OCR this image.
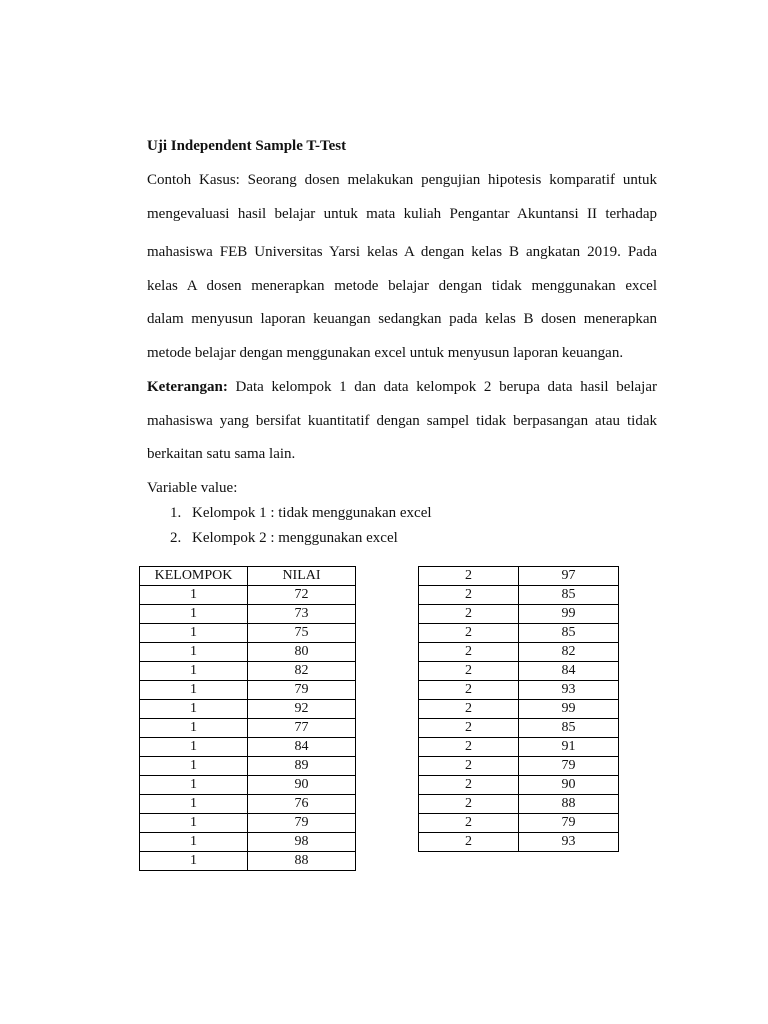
Uji Independent Sample T-Test
Contoh Kasus: Seorang dosen melakukan pengujian hipotesis komparatif untuk
mengevaluasi hasil belajar untuk mata kuliah Pengantar Akuntansi II terhadap
mahasiswa FEB Universitas Yarsi kelas A dengan kelas B angkatan 2019. Pada
kelas A dosen menerapkan metode belajar dengan tidak menggunakan excel
dalam menyusun laporan keuangan sedangkan pada kelas B dosen menerapkan
metode belajar dengan menggunakan excel untuk menyusun laporan keuangan.
Keterangan: Data kelompok 1 dan data kelompok 2 berupa data hasil belajar
mahasiswa yang bersifat kuantitatif dengan sampel tidak berpasangan atau tidak
berkaitan satu sama lain.
Variable value:
1. Kelompok 1 : tidak menggunakan excel
2. Kelompok 2 : menggunakan excel
KELOMPOK	NILAI
1	72
1	73
1	75
1	80
1	82
1	79
1	92
1	77
1	84
1	89
1	90
1	76
1	79
1	98
1	88
2	97
2	85
2	99
2	85
2	82
2	84
2	93
2	99
2	85
2	91
2	79
2	90
2	88
2	79
2	93
